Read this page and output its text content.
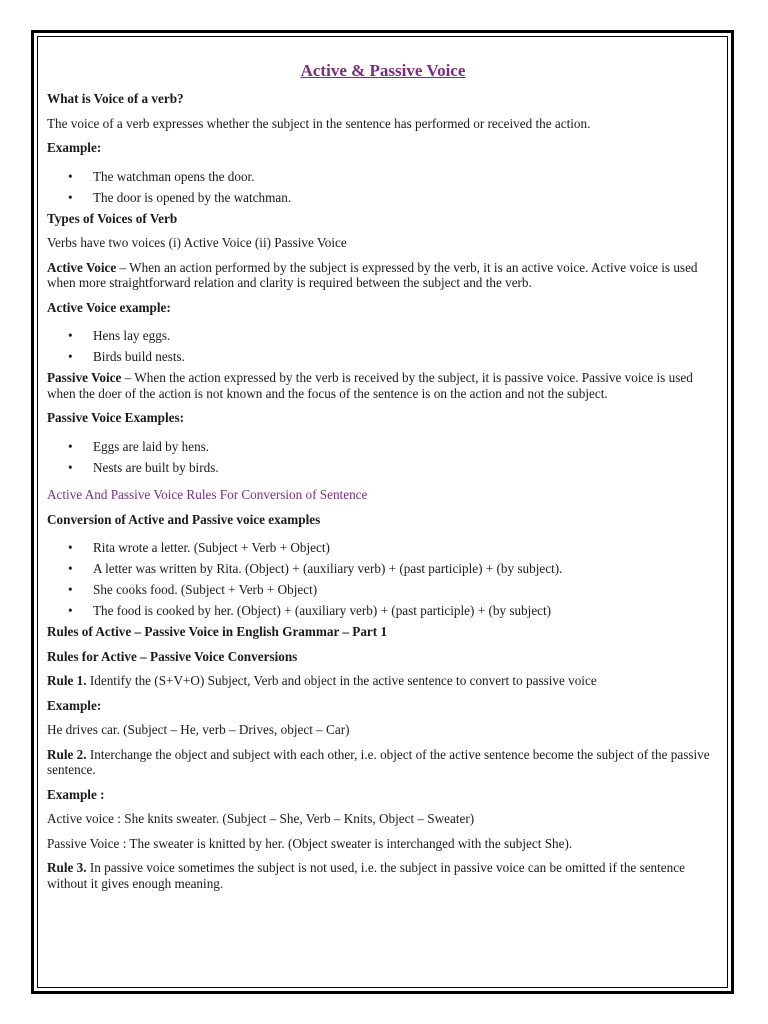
Active & Passive Voice

What is Voice of a verb?

The voice of a verb expresses whether the subject in the sentence has performed or received the action.

Example:

• The watchman opens the door.
• The door is opened by the watchman.

Types of Voices of Verb

Verbs have two voices (i) Active Voice (ii) Passive Voice

Active Voice – When an action performed by the subject is expressed by the verb, it is an active voice. Active voice is used when more straightforward relation and clarity is required between the subject and the verb.

Active Voice example:

• Hens lay eggs.
• Birds build nests.

Passive Voice – When the action expressed by the verb is received by the subject, it is passive voice. Passive voice is used when the doer of the action is not known and the focus of the sentence is on the action and not the subject.

Passive Voice Examples:

• Eggs are laid by hens.
• Nests are built by birds.

Active And Passive Voice Rules For Conversion of Sentence

Conversion of Active and Passive voice examples

• Rita wrote a letter. (Subject + Verb + Object)
• A letter was written by Rita. (Object) + (auxiliary verb) + (past participle) + (by subject).
• She cooks food. (Subject + Verb + Object)
• The food is cooked by her. (Object) + (auxiliary verb) + (past participle) + (by subject)

Rules of Active – Passive Voice in English Grammar – Part 1

Rules for Active – Passive Voice Conversions

Rule 1. Identify the (S+V+O) Subject, Verb and object in the active sentence to convert to passive voice

Example:

He drives car. (Subject – He, verb – Drives, object – Car)

Rule 2. Interchange the object and subject with each other, i.e. object of the active sentence become the subject of the passive sentence.

Example :

Active voice : She knits sweater. (Subject – She, Verb – Knits, Object – Sweater)

Passive Voice : The sweater is knitted by her. (Object sweater is interchanged with the subject She).

Rule 3. In passive voice sometimes the subject is not used, i.e. the subject in passive voice can be omitted if the sentence without it gives enough meaning.
